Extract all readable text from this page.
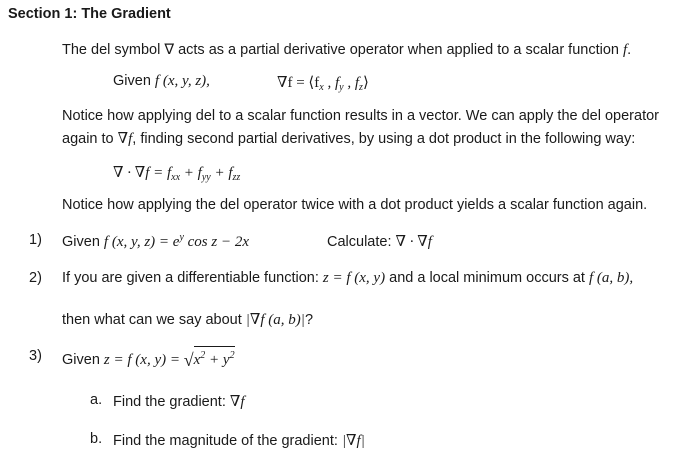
Section 1: The Gradient
The del symbol ∇ acts as a partial derivative operator when applied to a scalar function f.
Given f (x, y, z),	$\nabla f = ⟨f_x$ , $f_y$ , $f_z⟩$
Notice how applying del to a scalar function results in a vector. We can apply the del operator
again to ∇f, finding second partial derivatives, by using a dot product in the following way:
∇ · $\nabla f = f_{xx} + f_{yy} + f_{zz}$
Notice how applying the del operator twice with a dot product yields a scalar function again.
1) Given f (x, y, $z) = e^y$ cos z − 2x	Calculate: ∇ · ∇f
2) If you are given a differentiable function: z = f (x, y) and a local minimum occurs at f (a, b),
then what can we say about |∇f (a, b)|?
3) Given z = f (x, $y) = √x^2 + y^2$
a. Find the gradient: ∇f
b. Find the magnitude of the gradient: |∇f|
